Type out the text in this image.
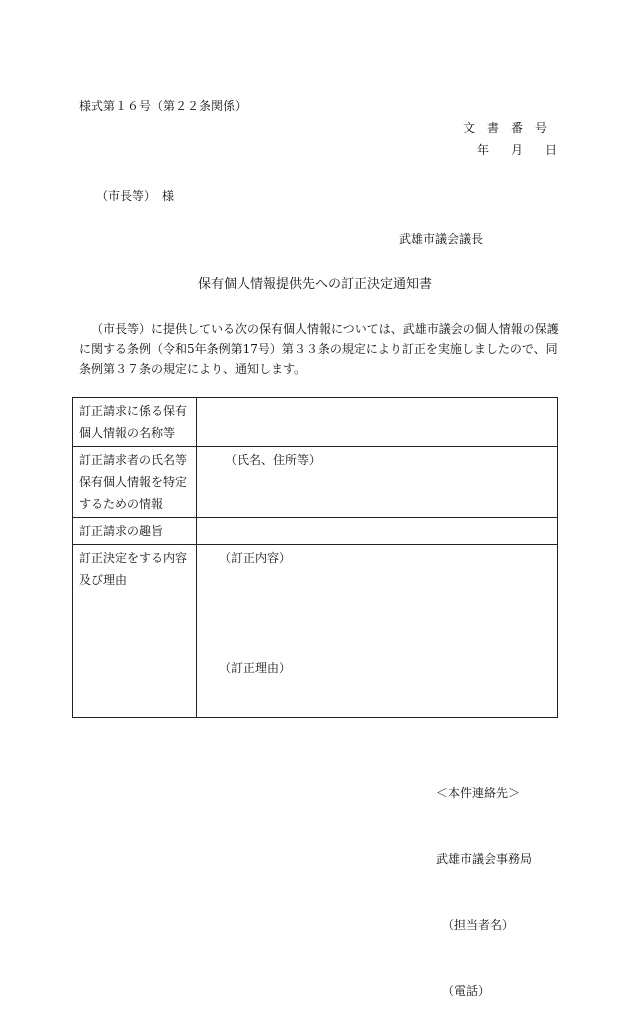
様式第１６号（第２２条関係）
文書番号
年 月 日
（市長等）　様
武雄市議会議長
保有個人情報提供先への訂正決定通知書
（市長等）に提供している次の保有個人情報については、武雄市議会の個人情報の保護に関する条例（令和5年条例第17号）第３３条の規定により訂正を実施しましたので、同条例第３７条の規定により、通知します。
訂正請求に係る保有個人情報の名称等	
訂正請求者の氏名等保有個人情報を特定するための情報	（氏名、住所等）
訂正請求の趣旨	
訂正決定をする内容及び理由	（訂正内容）
（訂正理由）

＜本件連絡先＞

武雄市議会事務局

（担当者名）

（電話）
